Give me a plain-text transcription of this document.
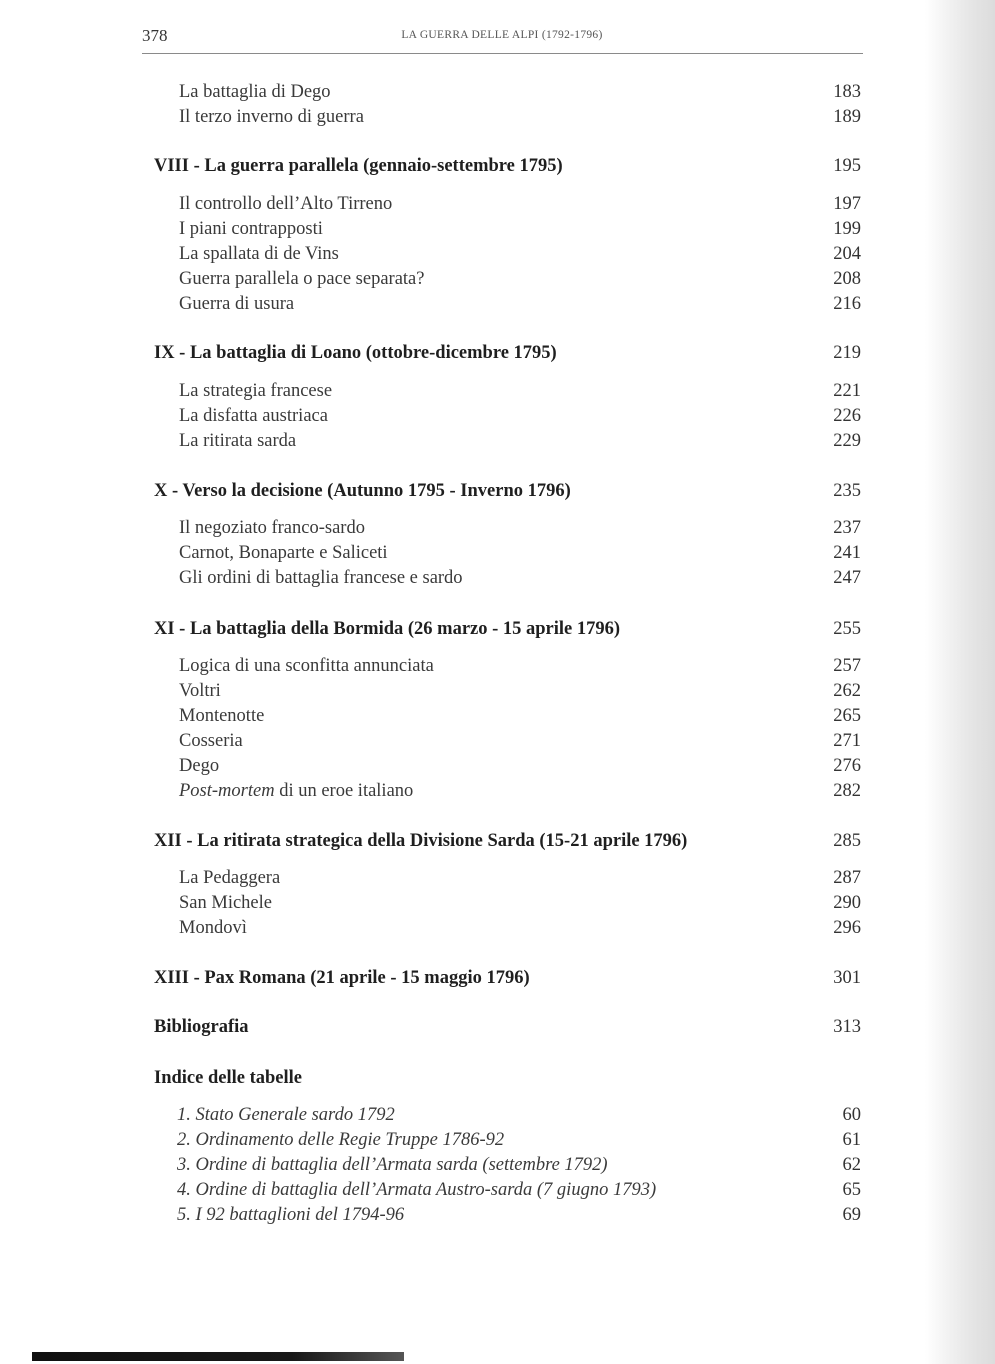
378	LA GUERRA DELLE ALPI (1792-1796)
La battaglia di Dego	183
Il terzo inverno di guerra	189
VIII - La guerra parallela (gennaio-settembre 1795)	195
Il controllo dell’Alto Tirreno	197
I piani contrapposti	199
La spallata di de Vins	204
Guerra parallela o pace separata?	208
Guerra di usura	216
IX - La battaglia di Loano (ottobre-dicembre 1795)	219
La strategia francese	221
La disfatta austriaca	226
La ritirata sarda	229
X - Verso la decisione (Autunno 1795 - Inverno 1796)	235
Il negoziato franco-sardo	237
Carnot, Bonaparte e Saliceti	241
Gli ordini di battaglia francese e sardo	247
XI - La battaglia della Bormida (26 marzo - 15 aprile 1796)	255
Logica di una sconfitta annunciata	257
Voltri	262
Montenotte	265
Cosseria	271
Dego	276
Post-mortem di un eroe italiano	282
XII - La ritirata strategica della Divisione Sarda (15-21 aprile 1796)	285
La Pedaggera	287
San Michele	290
Mondovì	296
XIII - Pax Romana (21 aprile - 15 maggio 1796)	301
Bibliografia	313
Indice delle tabelle
1. Stato Generale sardo 1792	60
2. Ordinamento delle Regie Truppe 1786-92	61
3. Ordine di battaglia dell’Armata sarda (settembre 1792)	62
4. Ordine di battaglia dell’Armata Austro-sarda (7 giugno 1793)	65
5. I 92 battaglioni del 1794-96	69
